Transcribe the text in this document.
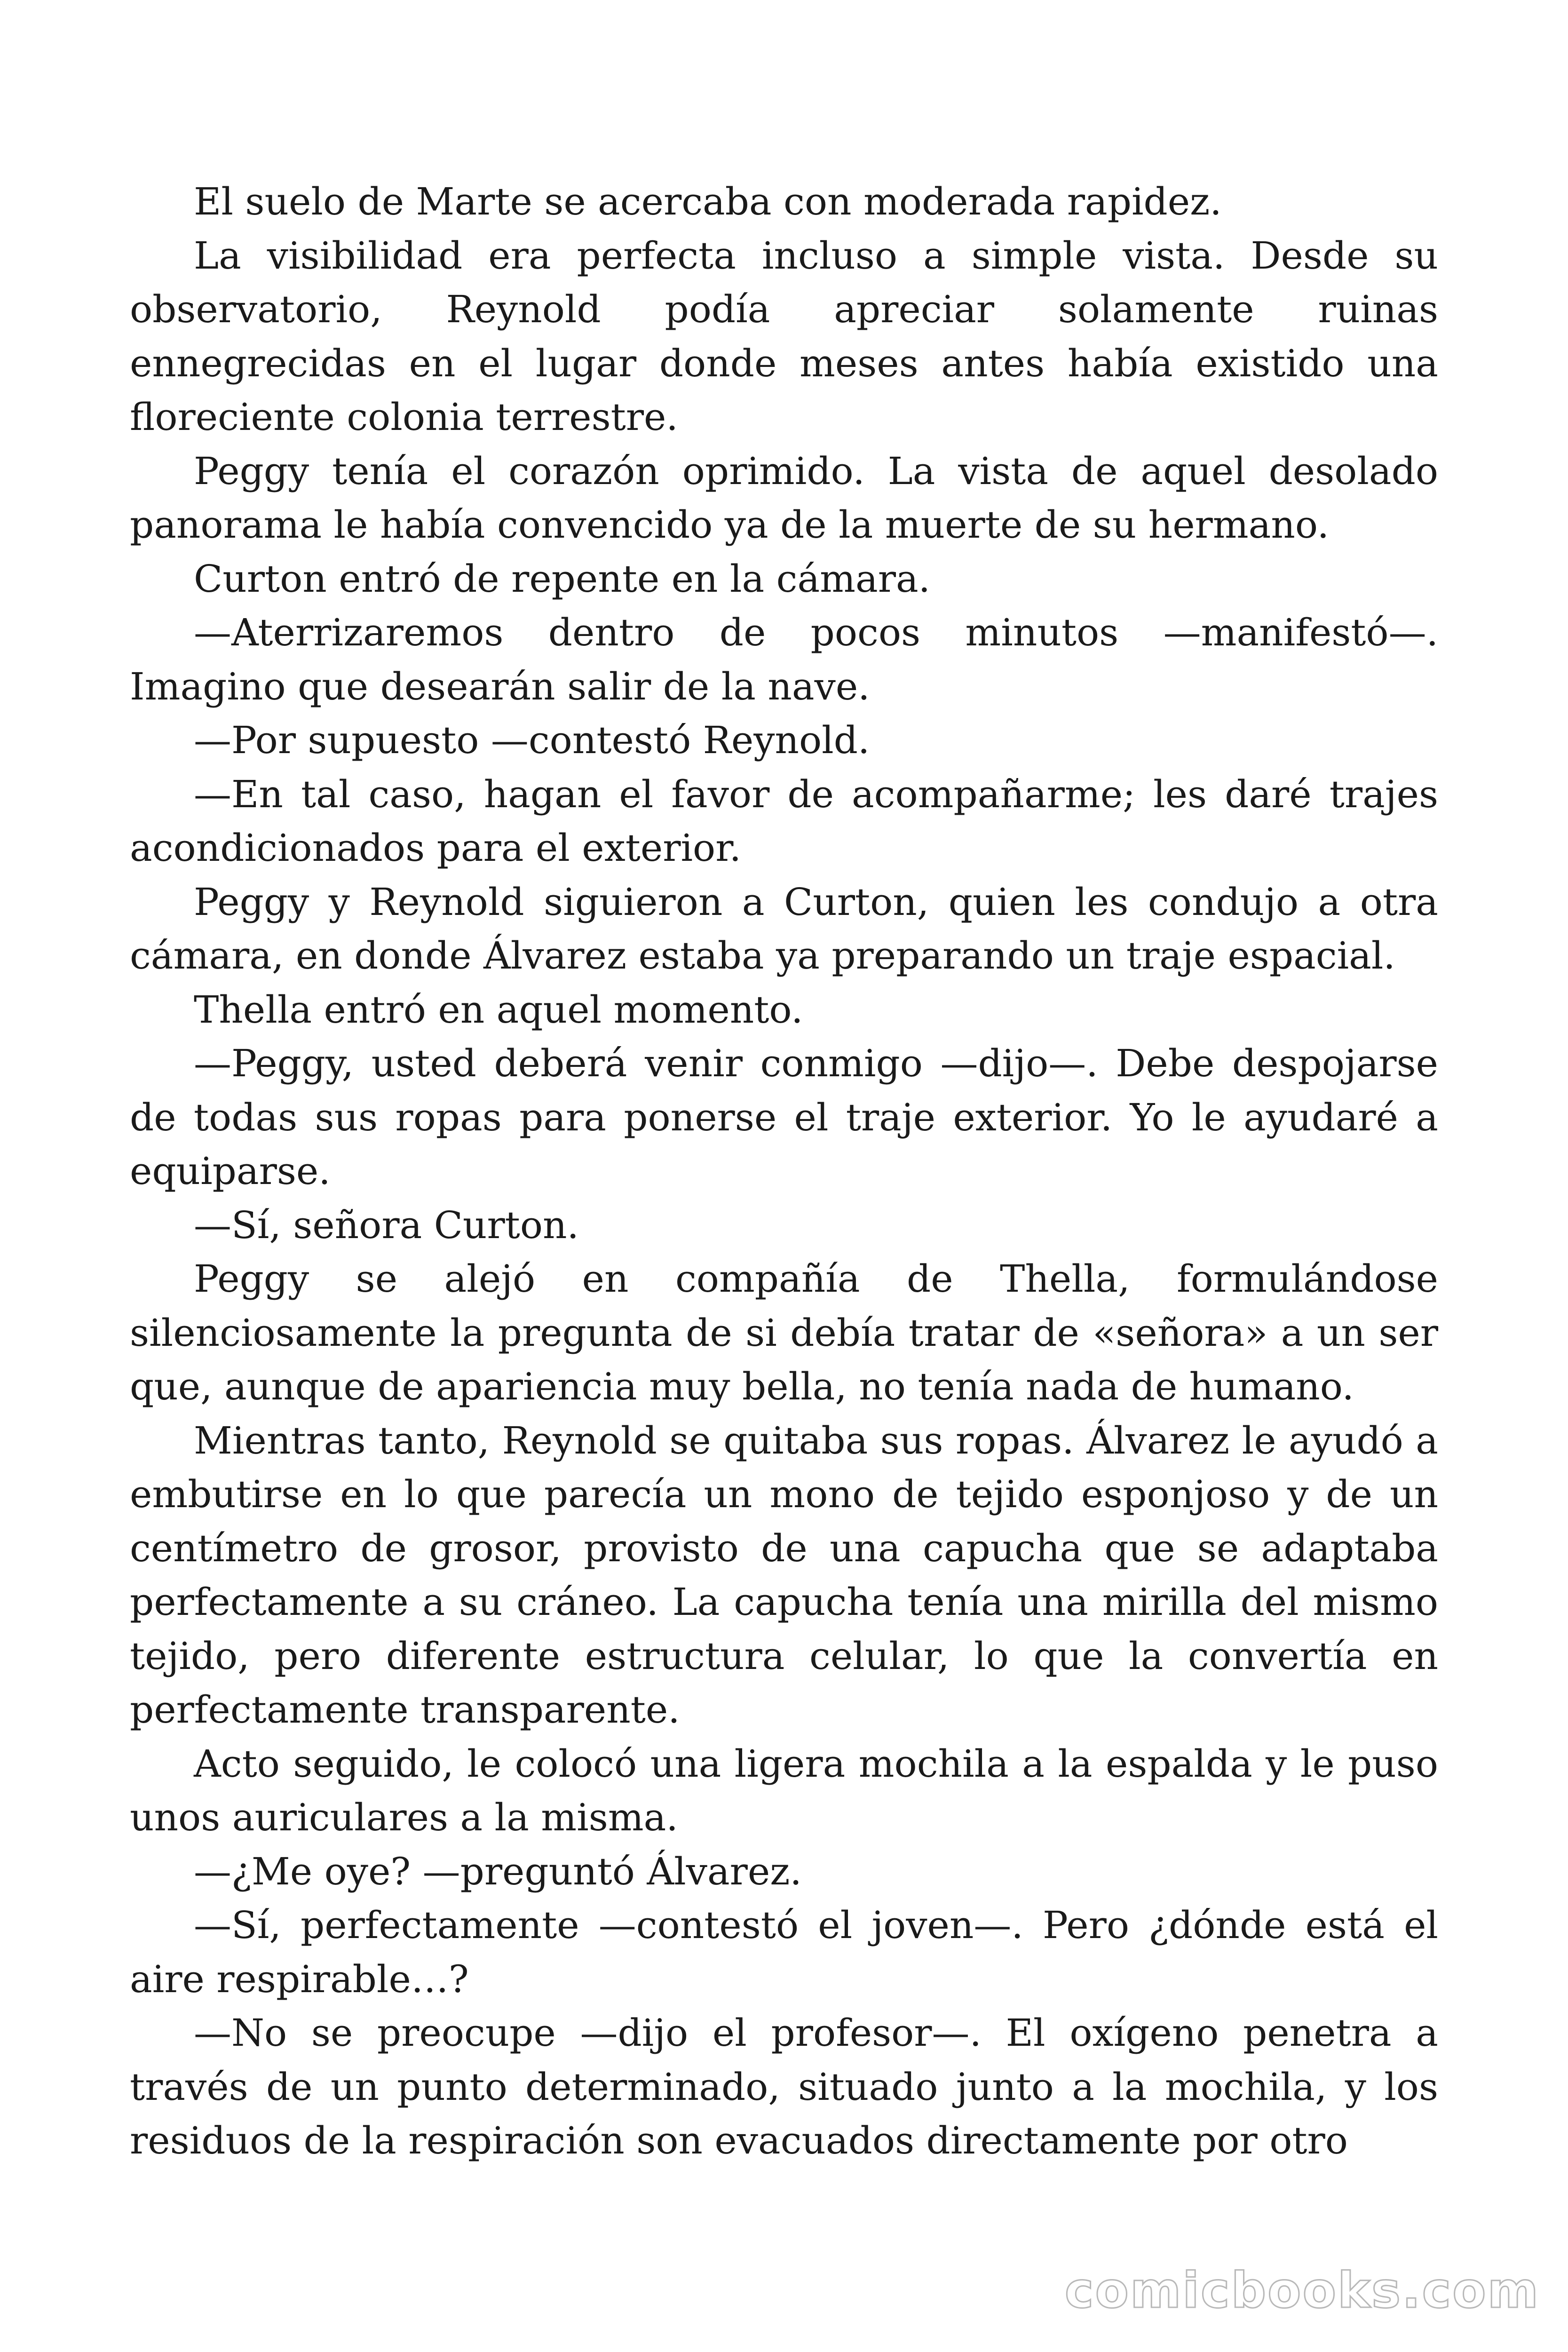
El suelo de Marte se acercaba con moderada rapidez.

La visibilidad era perfecta incluso a simple vista. Desde su observatorio, Reynold podía apreciar solamente ruinas ennegrecidas en el lugar donde meses antes había existido una floreciente colonia terrestre.

Peggy tenía el corazón oprimido. La vista de aquel desolado panorama le había convencido ya de la muerte de su hermano.

Curton entró de repente en la cámara.

—Aterrizaremos dentro de pocos minutos —manifestó—. Imagino que desearán salir de la nave.

—Por supuesto —contestó Reynold.

—En tal caso, hagan el favor de acompañarme; les daré trajes acondicionados para el exterior.

Peggy y Reynold siguieron a Curton, quien les condujo a otra cámara, en donde Álvarez estaba ya preparando un traje espacial.

Thella entró en aquel momento.

—Peggy, usted deberá venir conmigo —dijo—. Debe despojarse de todas sus ropas para ponerse el traje exterior. Yo le ayudaré a equiparse.

—Sí, señora Curton.

Peggy se alejó en compañía de Thella, formulándose silenciosamente la pregunta de si debía tratar de «señora» a un ser que, aunque de apariencia muy bella, no tenía nada de humano.

Mientras tanto, Reynold se quitaba sus ropas. Álvarez le ayudó a embutirse en lo que parecía un mono de tejido esponjoso y de un centímetro de grosor, provisto de una capucha que se adaptaba perfectamente a su cráneo. La capucha tenía una mirilla del mismo tejido, pero diferente estructura celular, lo que la convertía en perfectamente transparente.

Acto seguido, le colocó una ligera mochila a la espalda y le puso unos auriculares a la misma.

—¿Me oye? —preguntó Álvarez.

—Sí, perfectamente —contestó el joven—. Pero ¿dónde está el aire respirable…?

—No se preocupe —dijo el profesor—. El oxígeno penetra a través de un punto determinado, situado junto a la mochila, y los residuos de la respiración son evacuados directamente por otro

comicbooks.com
